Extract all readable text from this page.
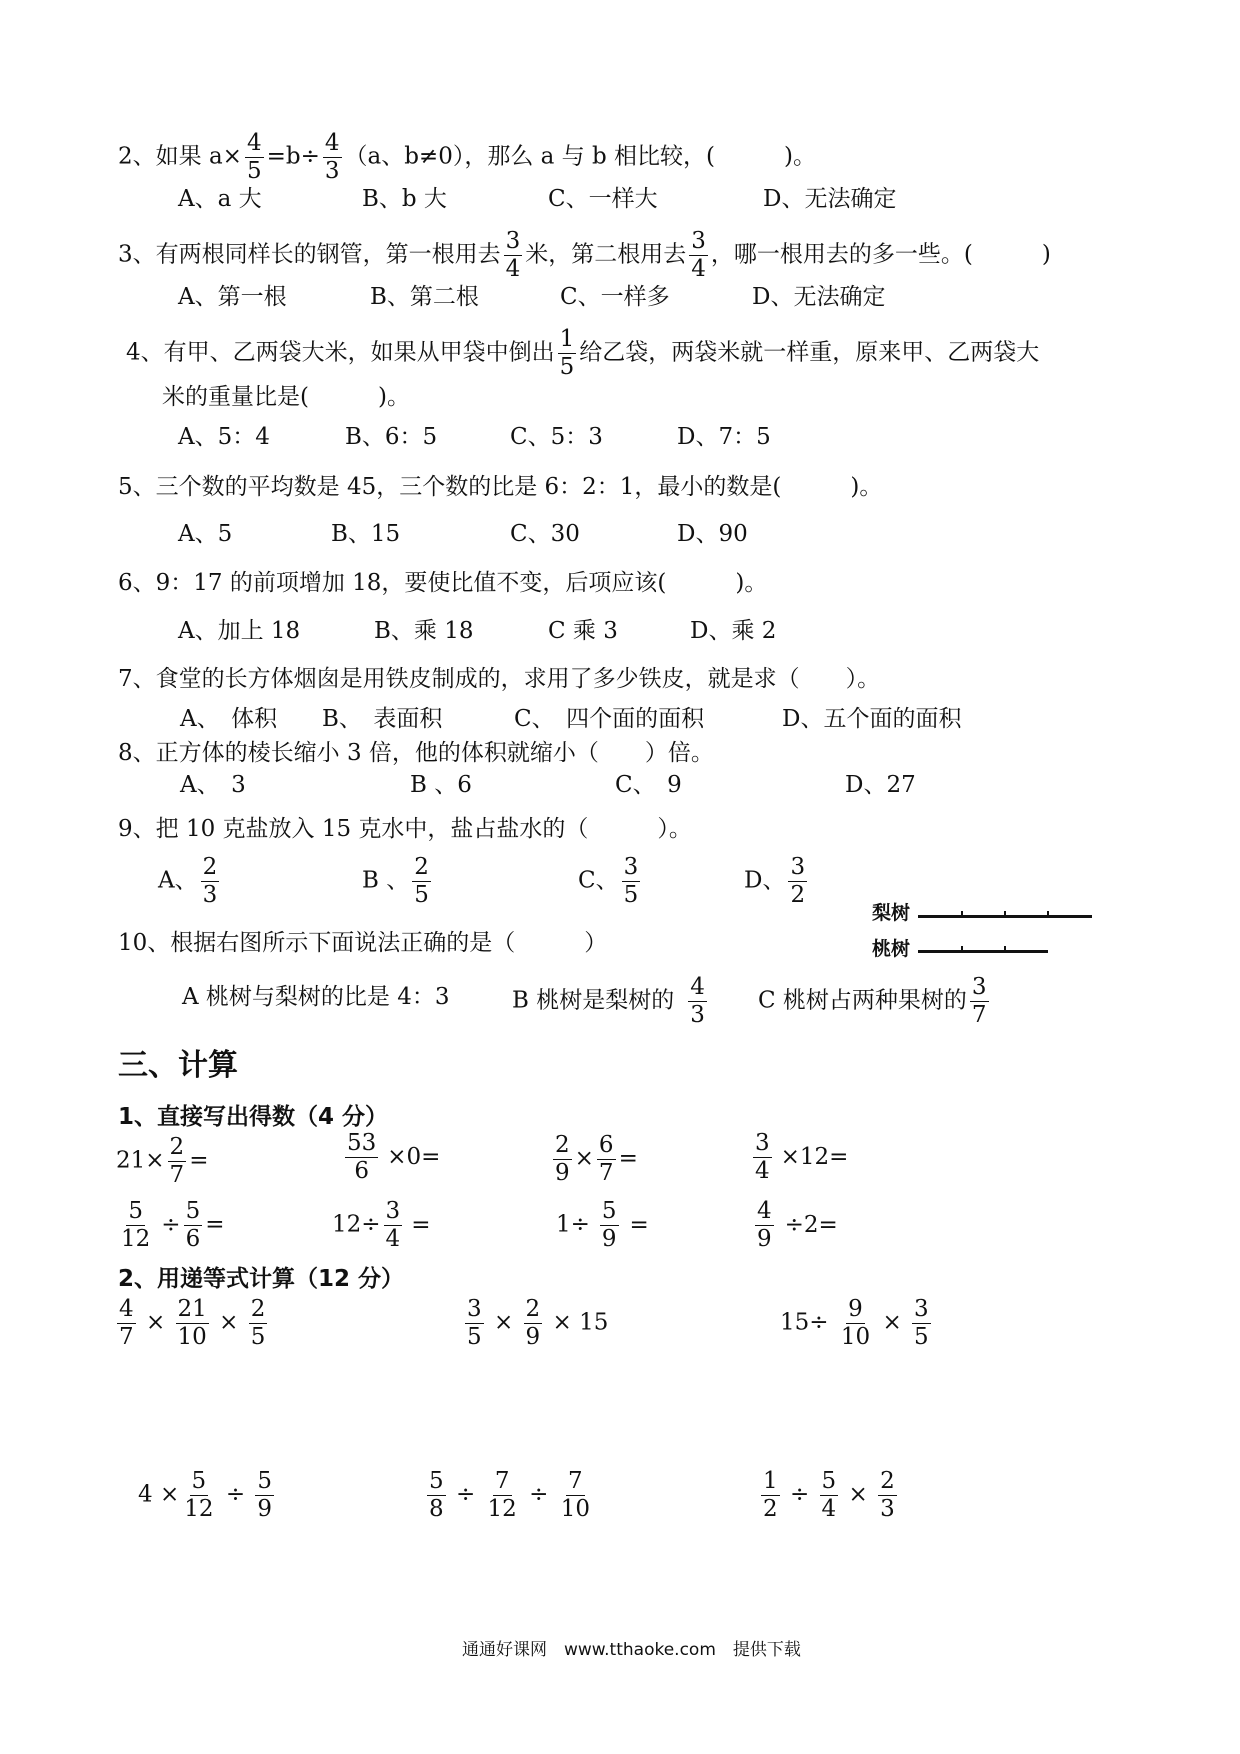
2、如果 $a\times \frac{4}{5} =b\div \frac{4}{3} (a$、b≠0），那么 a 与 b 相比较，(　　　)。
A、a 大	B、b 大	C、一样大	D、无法确定
3、有两根同样长的钢管，第一根用去 $\frac{3}{4}$ 米，第二根用去 $\frac{3}{4}$ ，哪一根用去的多一些。(　　　)
A、第一根	B、第二根	C、一样多	D、无法确定
4、有甲、乙两袋大米，如果从甲袋中倒出 $\frac{1}{5}$ 给乙袋，两袋米就一样重，原来甲、乙两袋大
米的重量比是(　　　)。
A、5：4	B、6：5	C、5：3	D、7：5
5、三个数的平均数是 45，三个数的比是 6：2：1，最小的数是(　　　)。
A、5	B、15	C、30	D、90
6、9：17 的前项增加 18，要使比值不变，后项应该(　　　)。
A、加上 18	B、乘 18	C 乘 3	D、乘 2
7、食堂的长方体烟囱是用铁皮制成的，求用了多少铁皮，就是求（　　）。
A、　体积 B、　表面积	C、　四个面的面积	D、五个面的面积
8、正方体的棱长缩小 3 倍，他的体积就缩小（　　）倍。
A、　3	B 、6	C、　9	D、27
9、把 10 克盐放入 15 克水中，盐占盐水的（　　　）。
A、 $\frac{2}{3}$	B 、 $\frac{2}{5}$	C、 $\frac{3}{5}$	D、 $\frac{3}{2}$
梨树
桃树
10、根据右图所示下面说法正确的是（　　　）
A 桃树与梨树的比是 4：3	B 桃树是梨树的 $\frac{4}{3}$ C 桃树占两种果树的 $\frac{3}{7}$
三、计算
1、直接写出得数（4 分）
$21\times \frac{2}{7}$ =	$\frac{53}{6} \times 0=$	$\frac{2}{9} \times \frac{6}{7}$ =	$\frac{3}{4} \times 12=$
$\frac{5}{12} \div \frac{5}{6}$ =	$12\div \frac{3}{4}$ =	$1\div \frac{5}{9}$ =	$\frac{4}{9} \div 2=$
2、用递等式计算（12 分）
$\frac{4}{7} \times \frac{21}{10} \times \frac{2}{5}$	$\frac{3}{5} \times \frac{2}{9} \times 15$	$15\div \frac{9}{10} \times \frac{3}{5}$
$4 \times \frac{5}{12} \div \frac{5}{9}$	$\frac{5}{8} \div \frac{7}{12} \div \frac{7}{10}$	$\frac{1}{2} \div \frac{5}{4} \times \frac{2}{3}$
通通好课网　www.tthaoke.com　提供下载
